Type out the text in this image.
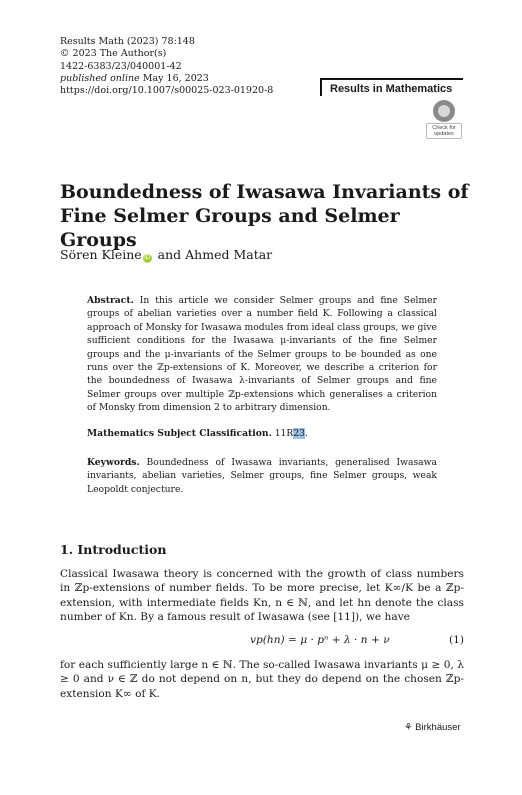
Results Math (2023) 78:148
© 2023 The Author(s)
1422-6383/23/040001-42
published online May 16, 2023
https://doi.org/10.1007/s00025-023-01920-8	Results in Mathematics
Check for updates
Boundedness of Iwasawa Invariants of Fine Selmer Groups and Selmer Groups
Sören Kleine iD and Ahmed Matar
Abstract. In this article we consider Selmer groups and fine Selmer groups of abelian varieties over a number field K. Following a classical approach of Monsky for Iwasawa modules from ideal class groups, we give sufficient conditions for the Iwasawa μ-invariants of the fine Selmer groups and the μ-invariants of the Selmer groups to be bounded as one runs over the ℤp-extensions of K. Moreover, we describe a criterion for the boundedness of Iwasawa λ-invariants of Selmer groups and fine Selmer groups over multiple ℤp-extensions which generalises a criterion of Monsky from dimension 2 to arbitrary dimension.
Mathematics Subject Classification. 11R23.
Keywords. Boundedness of Iwasawa invariants, generalised Iwasawa invariants, abelian varieties, Selmer groups, fine Selmer groups, weak Leopoldt conjecture.
1. Introduction
Classical Iwasawa theory is concerned with the growth of class numbers in ℤp-extensions of number fields. To be more precise, let K∞/K be a ℤp-extension, with intermediate fields Kn, n ∈ ℕ, and let hn denote the class number of Kn. By a famous result of Iwasawa (see [11]), we have
vp(hn) = μ · pⁿ + λ · n + ν	(1)
for each sufficiently large n ∈ ℕ. The so-called Iwasawa invariants μ ≥ 0, λ ≥ 0 and ν ∈ ℤ do not depend on n, but they do depend on the chosen ℤp-extension K∞ of K.
⚘ Birkhäuser
